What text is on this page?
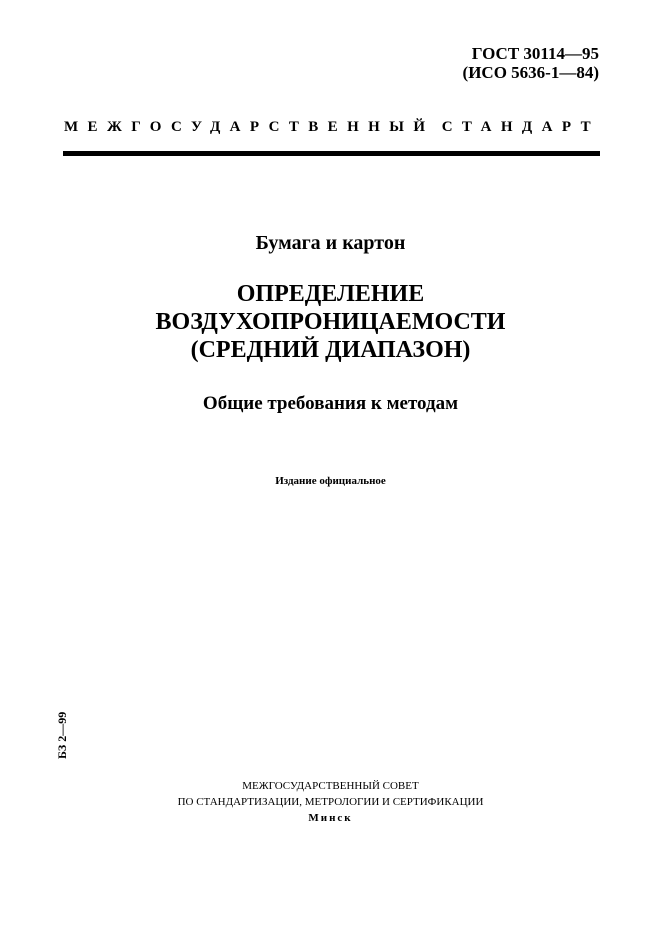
ГОСТ 30114—95
(ИСО 5636-1—84)
МЕЖГОСУДАРСТВЕННЫЙ СТАНДАРТ
Бумага и картон
ОПРЕДЕЛЕНИЕ
ВОЗДУХОПРОНИЦАЕМОСТИ
(СРЕДНИЙ ДИАПАЗОН)
Общие требования к методам
Издание официальное
БЗ 2—99
МЕЖГОСУДАРСТВЕННЫЙ СОВЕТ
ПО СТАНДАРТИЗАЦИИ, МЕТРОЛОГИИ И СЕРТИФИКАЦИИ
Минск
